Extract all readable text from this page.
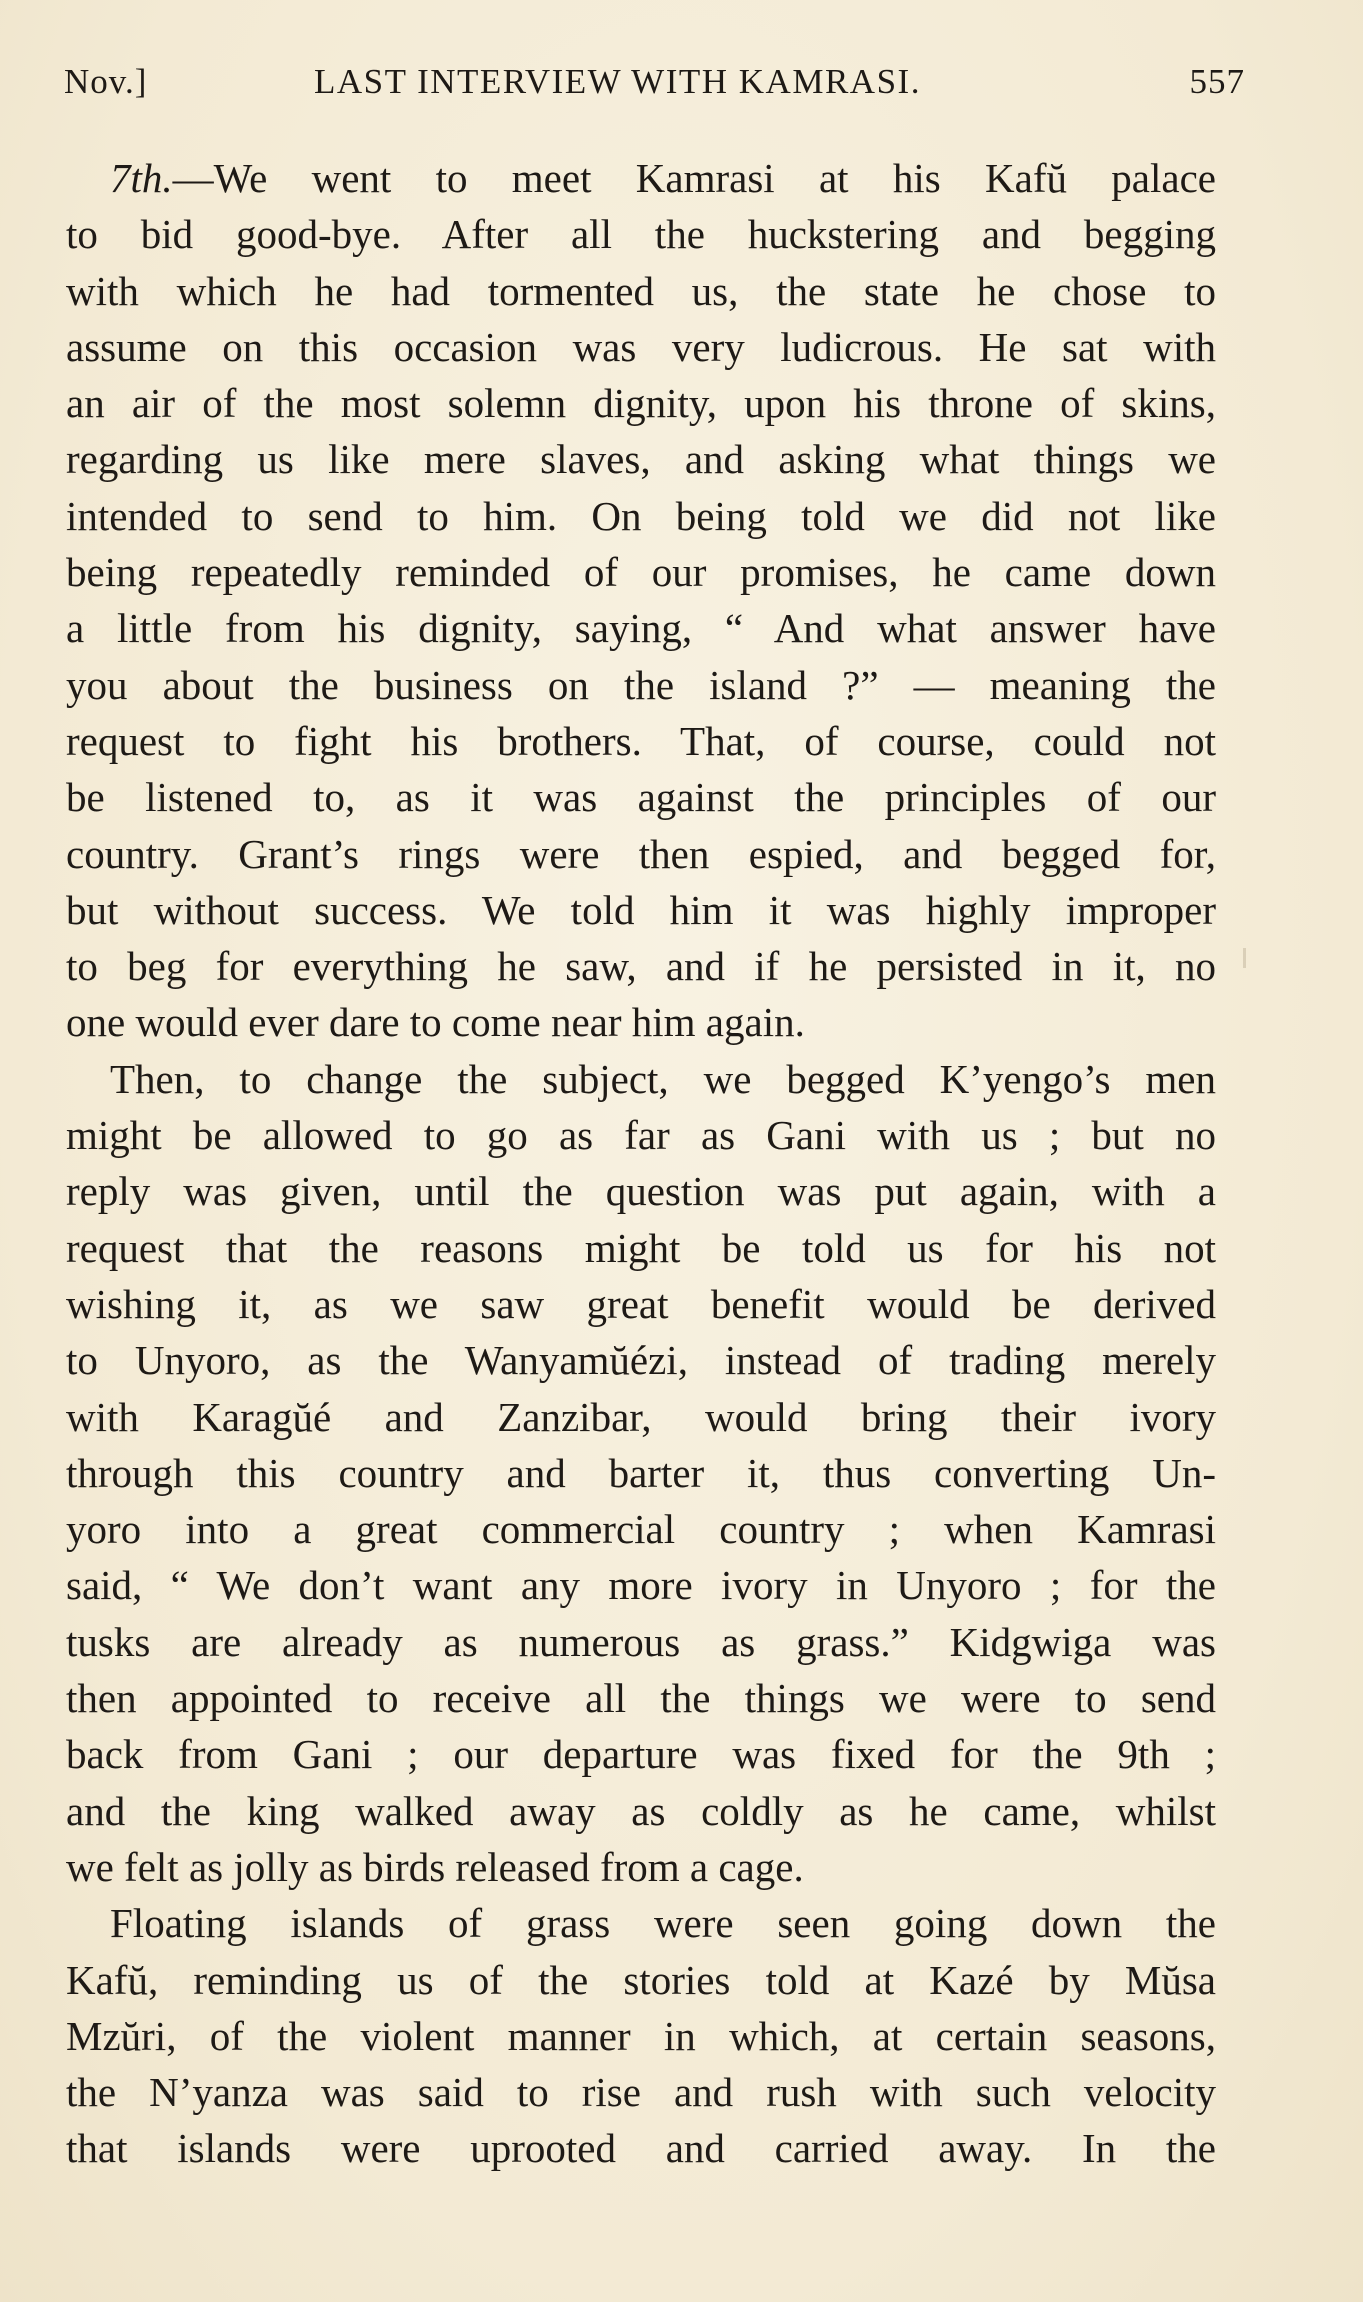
Nov.]	LAST INTERVIEW WITH KAMRASI.	557
7th.—We went to meet Kamrasi at his Kafŭ palace
to bid good-bye. After all the huckstering and begging
with which he had tormented us, the state he chose to
assume on this occasion was very ludicrous. He sat with
an air of the most solemn dignity, upon his throne of skins,
regarding us like mere slaves, and asking what things we
intended to send to him. On being told we did not like
being repeatedly reminded of our promises, he came down
a little from his dignity, saying, “ And what answer have
you about the business on the island ?” — meaning the
request to fight his brothers. That, of course, could not
be listened to, as it was against the principles of our
country. Grant’s rings were then espied, and begged for,
but without success. We told him it was highly improper
to beg for everything he saw, and if he persisted in it, no
one would ever dare to come near him again.
Then, to change the subject, we begged K’yengo’s men
might be allowed to go as far as Gani with us ; but no
reply was given, until the question was put again, with a
request that the reasons might be told us for his not
wishing it, as we saw great benefit would be derived
to Unyoro, as the Wanyamŭézi, instead of trading merely
with Karagŭé and Zanzibar, would bring their ivory
through this country and barter it, thus converting Un-
yoro into a great commercial country ; when Kamrasi
said, “ We don’t want any more ivory in Unyoro ; for the
tusks are already as numerous as grass.” Kidgwiga was
then appointed to receive all the things we were to send
back from Gani ; our departure was fixed for the 9th ;
and the king walked away as coldly as he came, whilst
we felt as jolly as birds released from a cage.
Floating islands of grass were seen going down the
Kafŭ, reminding us of the stories told at Kazé by Mŭsa
Mzŭri, of the violent manner in which, at certain seasons,
the N’yanza was said to rise and rush with such velocity
that islands were uprooted and carried away. In the
